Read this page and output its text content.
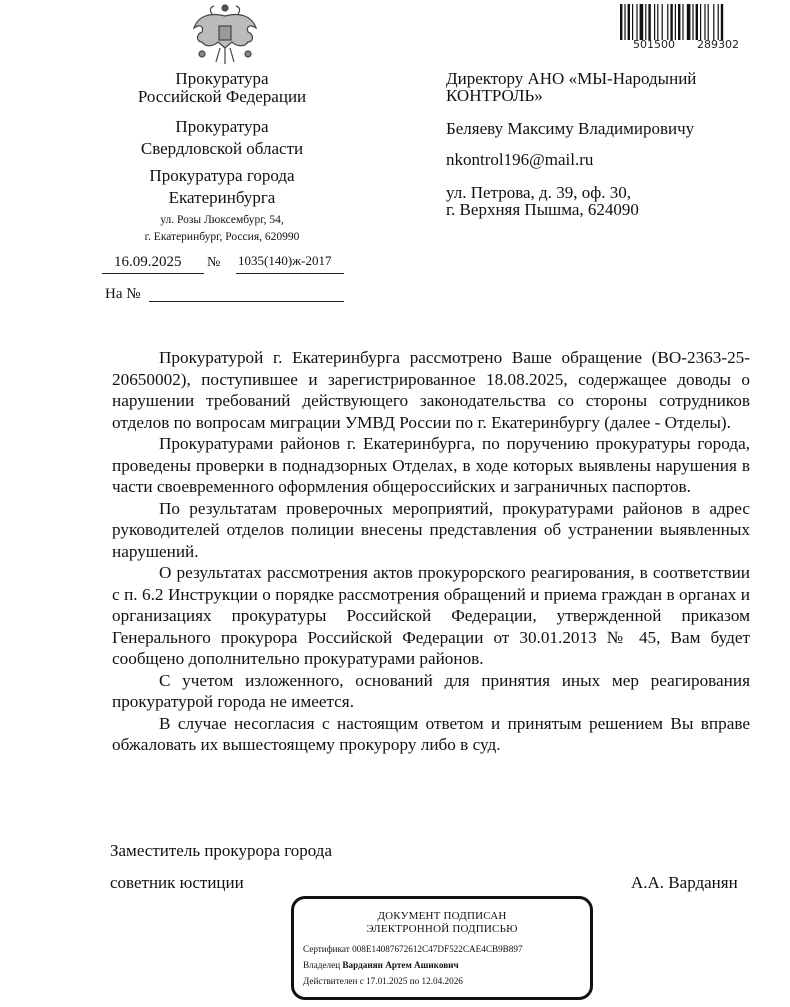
501500 289302
Прокуратура
Российской Федерации
Прокуратура
Свердловской области
Прокуратура города
Екатеринбурга
ул. Розы Люксембург, 54,
г. Екатеринбург, Россия, 620990
16.09.2025 № 1035(140)ж-2017
На №
Директору АНО «МЫ-Народыний
КОНТРОЛЬ»
Беляеву Максиму Владимировичу
nkontrol196@mail.ru
ул. Петрова, д. 39, оф. 30,
г. Верхняя Пышма, 624090

Прокуратурой г. Екатеринбурга рассмотрено Ваше обращение (ВО-2363-25-20650002), поступившее и зарегистрированное 18.08.2025, содержащее доводы о нарушении требований действующего законодательства со стороны сотрудников отделов по вопросам миграции УМВД России по г. Екатеринбургу (далее - Отделы).

Прокуратурами районов г. Екатеринбурга, по поручению прокуратуры города, проведены проверки в поднадзорных Отделах, в ходе которых выявлены нарушения в части своевременного оформления общероссийских и заграничных паспортов.

По результатам проверочных мероприятий, прокуратурами районов в адрес руководителей отделов полиции внесены представления об устранении выявленных нарушений.

О результатах рассмотрения актов прокурорского реагирования, в соответствии с п. 6.2 Инструкции о порядке рассмотрения обращений и приема граждан в органах и организациях прокуратуры Российской Федерации, утвержденной приказом Генерального прокурора Российской Федерации от 30.01.2013 № 45, Вам будет сообщено дополнительно прокуратурами районов.

С учетом изложенного, оснований для принятия иных мер реагирования прокуратурой города не имеется.

В случае несогласия с настоящим ответом и принятым решением Вы вправе обжаловать их вышестоящему прокурору либо в суд.

Заместитель прокурора города
советник юстиции	А.А. Варданян
ДОКУМЕНТ ПОДПИСАН
ЭЛЕКТРОННОЙ ПОДПИСЬЮ
Сертификат 008E14087672612C47DF522CAE4CB9B897
Владелец Варданян Артем Ашикович
Действителен с 17.01.2025 по 12.04.2026
